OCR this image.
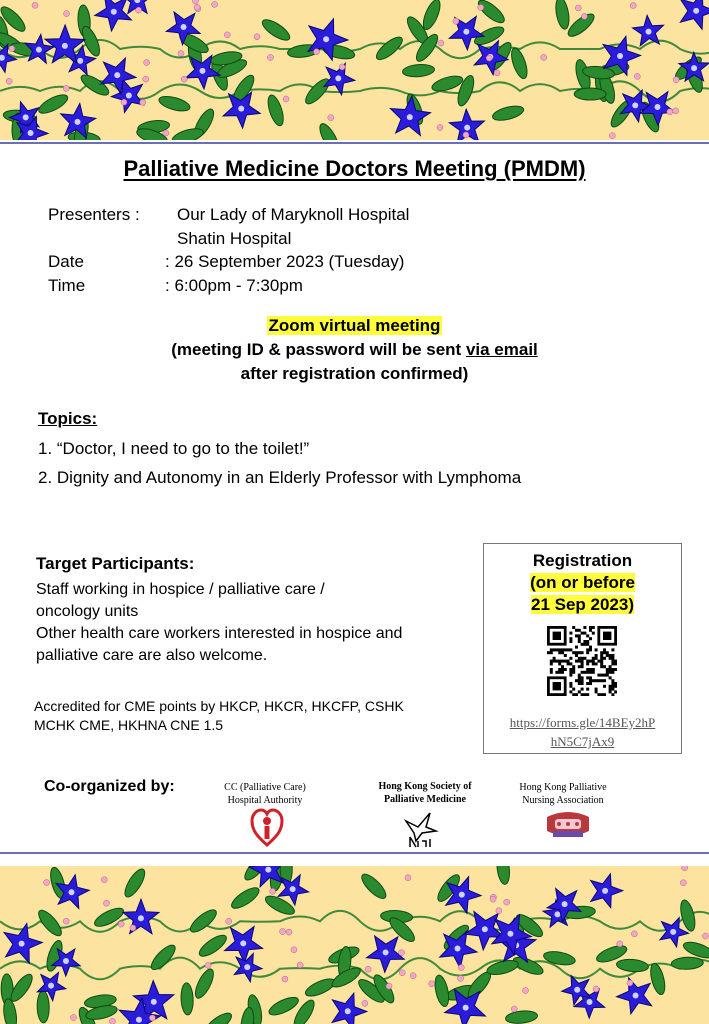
Palliative Medicine Doctors Meeting (PMDM)
Presenters : Our Lady of Maryknoll Hospital
Shatin Hospital
Date	: 26 September 2023 (Tuesday)
Time	: 6:00pm - 7:30pm
Zoom virtual meeting
(meeting ID & password will be sent via email
after registration confirmed)
Topics:
1. “Doctor, I need to go to the toilet!”
2. Dignity and Autonomy in an Elderly Professor with Lymphoma
Target Participants:
Staff working in hospice / palliative care /
oncology units
Other health care workers interested in hospice and
palliative care are also welcome.
Accredited for CME points by HKCP, HKCR, HKCFP, CSHK
MCHK CME, HKHNA CNE 1.5
Registration
(on or before
21 Sep 2023)
https://forms.gle/14BEy2hP
hN5C7jAx9
Co-organized by:	CC (Palliative Care)
Hospital Authority
Hong Kong Society of
Palliative Medicine
Hong Kong Palliative
Nursing Association
